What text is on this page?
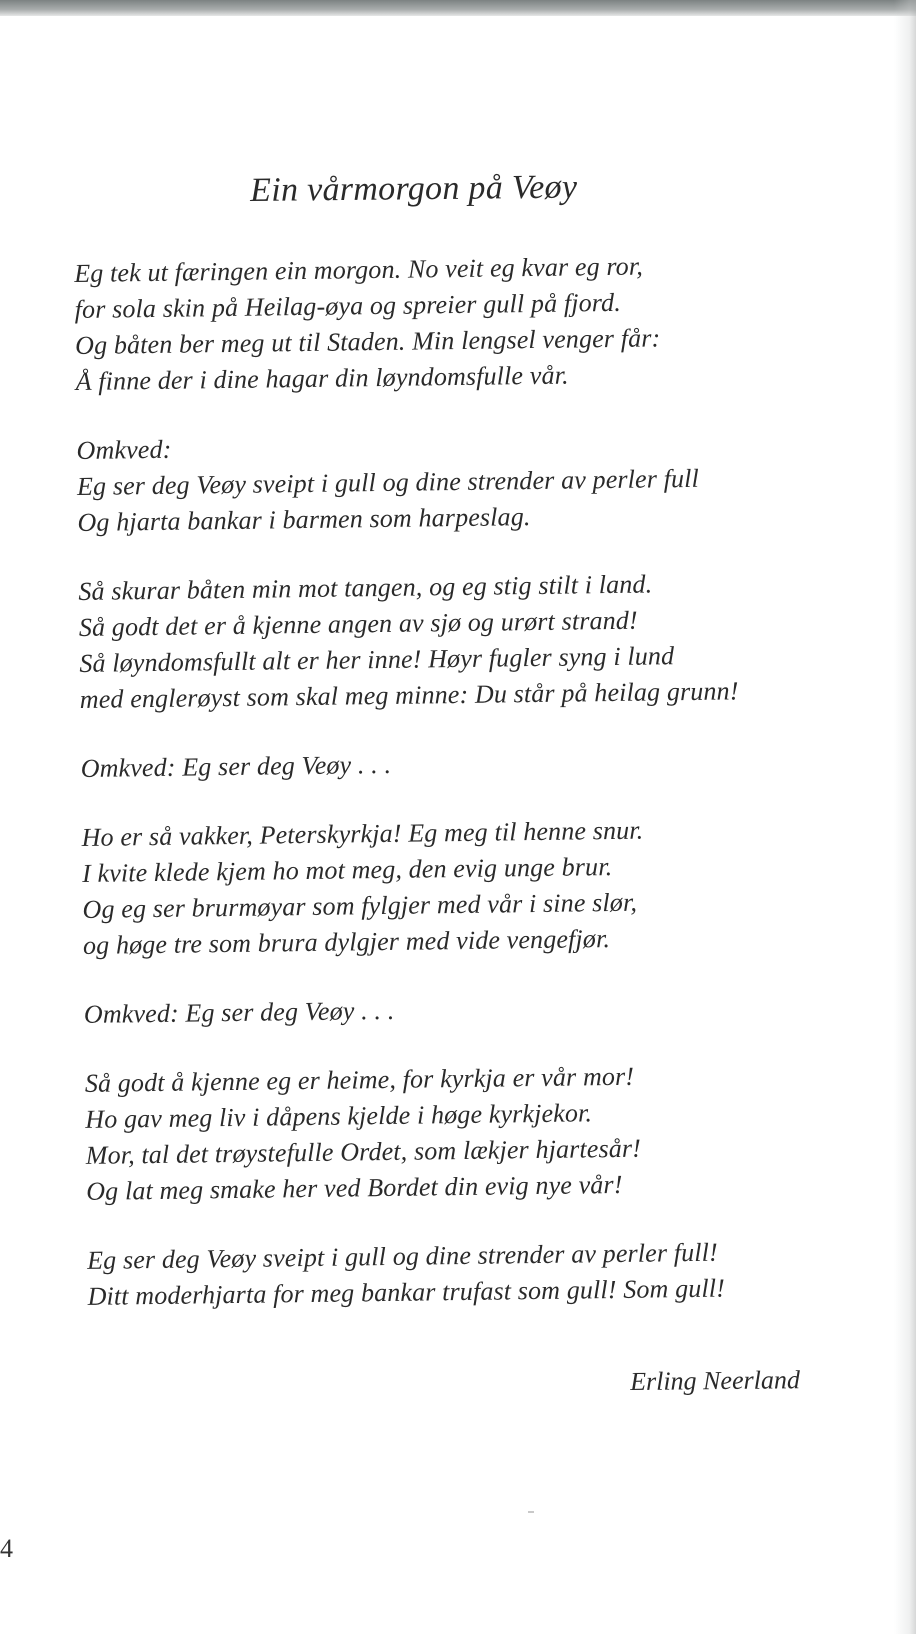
Ein vårmorgon på Veøy
Eg tek ut færingen ein morgon. No veit eg kvar eg ror,
for sola skin på Heilag-øya og spreier gull på fjord.
Og båten ber meg ut til Staden. Min lengsel venger får:
Å finne der i dine hagar din løyndomsfulle vår.
Omkved:
Eg ser deg Veøy sveipt i gull og dine strender av perler full
Og hjarta bankar i barmen som harpeslag.
Så skurar båten min mot tangen, og eg stig stilt i land.
Så godt det er å kjenne angen av sjø og urørt strand!
Så løyndomsfullt alt er her inne! Høyr fugler syng i lund
med englerøyst som skal meg minne: Du står på heilag grunn!
Omkved: Eg ser deg Veøy . . .
Ho er så vakker, Peterskyrkja! Eg meg til henne snur.
I kvite klede kjem ho mot meg, den evig unge brur.
Og eg ser brurmøyar som fylgjer med vår i sine slør,
og høge tre som brura dylgjer med vide vengefjør.
Omkved: Eg ser deg Veøy . . .
Så godt å kjenne eg er heime, for kyrkja er vår mor!
Ho gav meg liv i dåpens kjelde i høge kyrkjekor.
Mor, tal det trøystefulle Ordet, som lækjer hjartesår!
Og lat meg smake her ved Bordet din evig nye vår!
Eg ser deg Veøy sveipt i gull og dine strender av perler full!
Ditt moderhjarta for meg bankar trufast som gull! Som gull!
Erling Neerland
4
